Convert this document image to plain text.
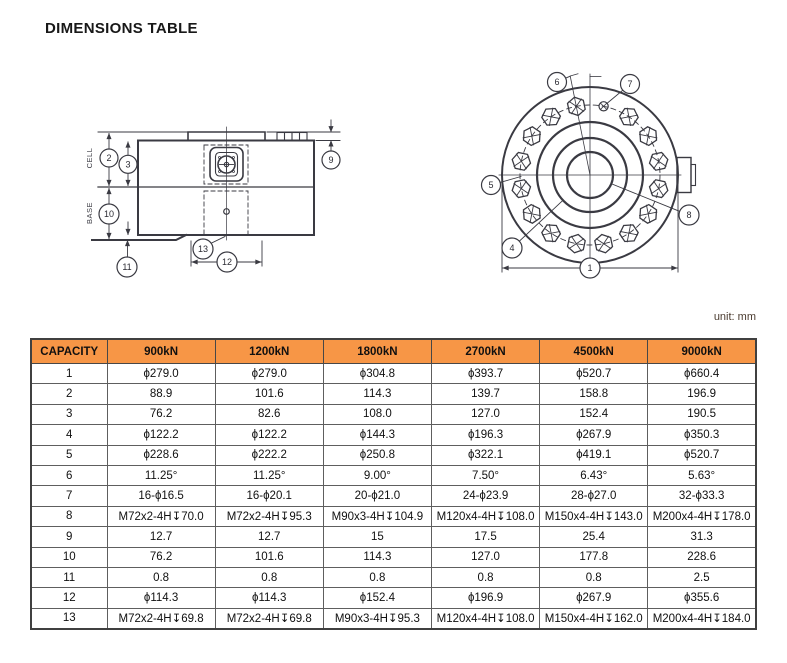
DIMENSIONS TABLE
CELL
BASE
2
3	9
10
11	12
13
1
4
5
6	7
8
unit: mm
CAPACITY	900kN	1200kN	1800kN	2700kN	4500kN	9000kN
1	ϕ279.0	ϕ279.0	ϕ304.8	ϕ393.7	ϕ520.7	ϕ660.4
2	88.9	101.6	114.3	139.7	158.8	196.9
3	76.2	82.6	108.0	127.0	152.4	190.5
4	ϕ122.2	ϕ122.2	ϕ144.3	ϕ196.3	ϕ267.9	ϕ350.3
5	ϕ228.6	ϕ222.2	ϕ250.8	ϕ322.1	ϕ419.1	ϕ520.7
6	11.25°	11.25°	9.00°	7.50°	6.43°	5.63°
7	16-ϕ16.5	16-ϕ20.1	20-ϕ21.0	24-ϕ23.9	28-ϕ27.0	32-ϕ33.3
8	M72x2-4H↧70.0	M72x2-4H↧95.3	M90x3-4H↧104.9	M120x4-4H↧108.0	M150x4-4H↧143.0	M200x4-4H↧178.0
9	12.7	12.7	15	17.5	25.4	31.3
10	76.2	101.6	114.3	127.0	177.8	228.6
11	0.8	0.8	0.8	0.8	0.8	2.5
12	ϕ114.3	ϕ114.3	ϕ152.4	ϕ196.9	ϕ267.9	ϕ355.6
13	M72x2-4H↧69.8	M72x2-4H↧69.8	M90x3-4H↧95.3	M120x4-4H↧108.0	M150x4-4H↧162.0	M200x4-4H↧184.0
